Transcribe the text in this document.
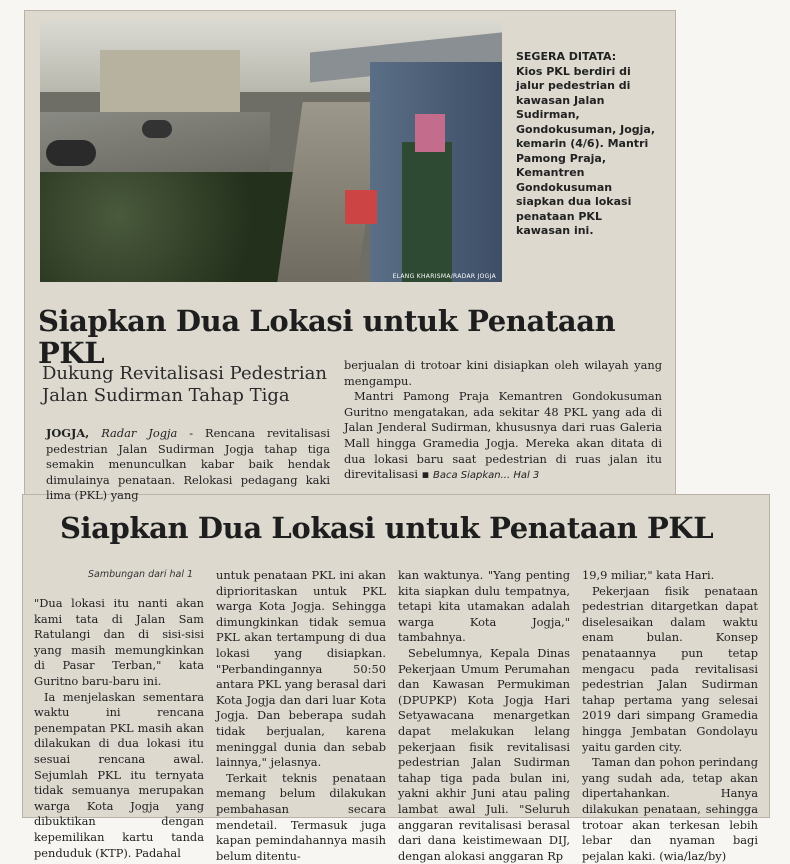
ELANG KHARISMA/RADAR JOGJA
SEGERA DITATA:
Kios PKL berdiri di jalur pedestrian di kawasan Jalan Sudirman, Gondokusuman, Jogja, kemarin (4/6). Mantri Pamong Praja, Kemantren Gondokusuman siapkan dua lokasi penataan PKL kawasan ini.
Siapkan Dua Lokasi untuk Penataan PKL
Dukung Revitalisasi Pedestrian Jalan Sudirman Tahap Tiga

JOGJA, Radar Jogja - Rencana revitalisasi pedestrian Jalan Sudirman Jogja tahap tiga semakin menunculkan kabar baik hendak dimulainya penataan. Relokasi pedagang kaki lima (PKL) yang

berjualan di trotoar kini disiapkan oleh wilayah yang mengampu.

Mantri Pamong Praja Kemantren Gondokusuman Guritno mengatakan, ada sekitar 48 PKL yang ada di Jalan Jenderal Sudirman, khususnya dari ruas Galeria Mall hingga Gramedia Jogja. Mereka akan ditata di dua lokasi baru saat pedestrian di ruas jalan itu direvitalisasi ▪ Baca Siapkan... Hal 3

Siapkan Dua Lokasi untuk Penataan PKL
Sambungan dari hal 1

"Dua lokasi itu nanti akan kami tata di Jalan Sam Ratulangi dan di sisi-sisi yang masih memungkinkan di Pasar Terban," kata Guritno baru-baru ini.

Ia menjelaskan sementara waktu ini rencana penempatan PKL masih akan dilakukan di dua lokasi itu sesuai rencana awal. Sejumlah PKL itu ternyata tidak semuanya merupakan warga Kota Jogja yang dibuktikan dengan kepemilikan kartu tanda penduduk (KTP). Padahal

untuk penataan PKL ini akan diprioritaskan untuk PKL warga Kota Jogja. Sehingga dimungkinkan tidak semua PKL akan tertampung di dua lokasi yang disiapkan. "Perbandingannya 50:50 antara PKL yang berasal dari Kota Jogja dan dari luar Kota Jogja. Dan beberapa sudah tidak berjualan, karena meninggal dunia dan sebab lainnya," jelasnya.

Terkait teknis penataan memang belum dilakukan pembahasan secara mendetail. Termasuk juga kapan pemindahannya masih belum ditentu-

kan waktunya. "Yang penting kita siapkan dulu tempatnya, tetapi kita utamakan adalah warga Kota Jogja," tambahnya.

Sebelumnya, Kepala Dinas Pekerjaan Umum Perumahan dan Kawasan Permukiman (DPUPKP) Kota Jogja Hari Setyawacana menargetkan dapat melakukan lelang pekerjaan fisik revitalisasi pedestrian Jalan Sudirman tahap tiga pada bulan ini, yakni akhir Juni atau paling lambat awal Juli. "Seluruh anggaran revitalisasi berasal dari dana keistimewaan DIJ, dengan alokasi anggaran Rp

19,9 miliar," kata Hari.

Pekerjaan fisik penataan pedestrian ditargetkan dapat diselesaikan dalam waktu enam bulan. Konsep penataannya pun tetap mengacu pada revitalisasi pedestrian Jalan Sudirman tahap pertama yang selesai 2019 dari simpang Gramedia hingga Jembatan Gondolayu yaitu garden city.

Taman dan pohon perindang yang sudah ada, tetap akan dipertahankan. Hanya dilakukan penataan, sehingga trotoar akan terkesan lebih lebar dan nyaman bagi pejalan kaki. (wia/laz/by)
